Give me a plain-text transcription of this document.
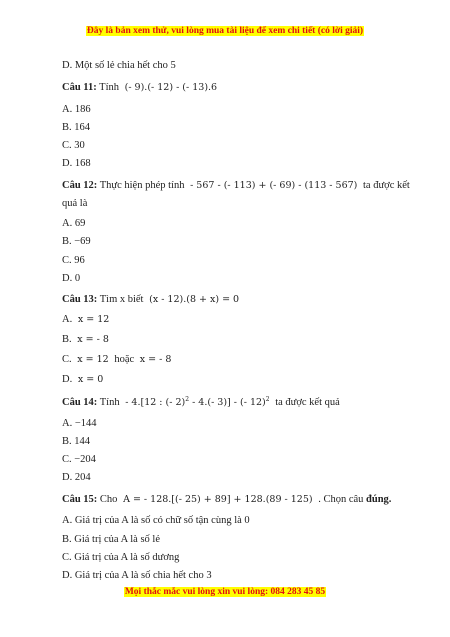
Đây là bản xem thử, vui lòng mua tài liệu để xem chi tiết (có lời giải)
D. Một số lẻ chia hết cho 5
Câu 11: Tính (- 9).(- 12) - (- 13).6
A. 186
B. 164
C. 30
D. 168
Câu 12: Thực hiện phép tính - 567 - (- 113) + (- 69) - (113 - 567) ta được kết
quả là
A. 69
B. −69
C. 96
D. 0
Câu 13: Tìm x biết (x - 12).(8 + x) = 0
A. x = 12
B. x = - 8
C. x = 12 hoặc x = - 8
D. x = 0
Câu 14: Tính - 4.[12 : (- 2)$^2$ - 4.(- 3)] - (- 12)$^2$ ta được kết quả
A. −144
B. 144
C. −204
D. 204
Câu 15: Cho A = - 128.[(- 25) + 89] + 128.(89 - 125) . Chọn câu đúng.
A. Giá trị của A là số có chữ số tận cùng là 0
B. Giá trị của A là số lẻ
C. Giá trị của A là số dương
D. Giá trị của A là số chia hết cho 3
Mọi thắc mắc vui lòng xin vui lòng: 084 283 45 85
